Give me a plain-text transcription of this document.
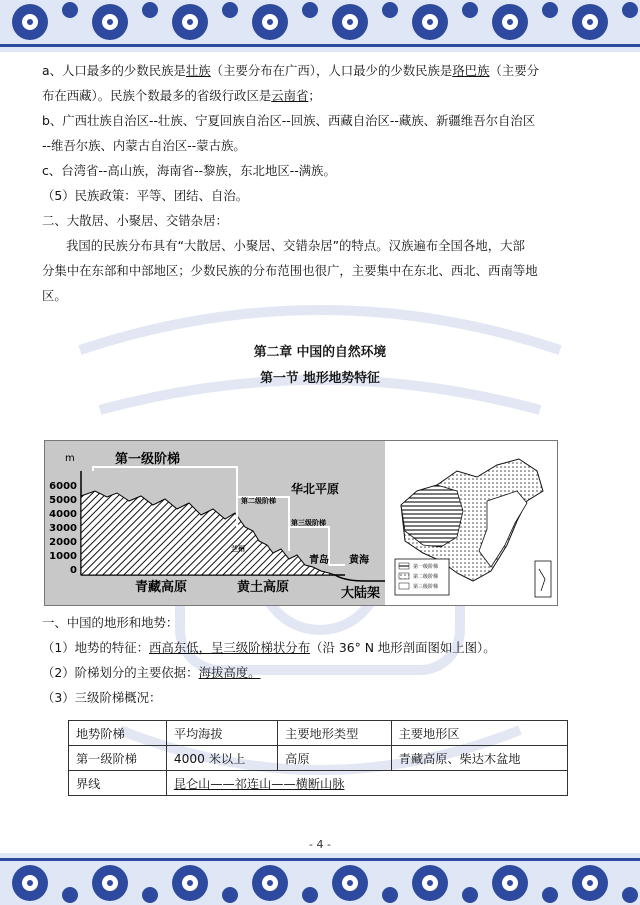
a、人口最多的少数民族是壮族（主要分布在广西），人口最少的少数民族是珞巴族（主要分

布在西藏）。民族个数最多的省级行政区是云南省；

b、广西壮族自治区--壮族、宁夏回族自治区--回族、西藏自治区--藏族、新疆维吾尔自治区

--维吾尔族、内蒙古自治区--蒙古族。

c、台湾省--高山族，海南省--黎族，东北地区--满族。

（5）民族政策：平等、团结、自治。

二、大散居、小聚居、交错杂居：

我国的民族分布具有“大散居、小聚居、交错杂居”的特点。汉族遍布全国各地，大部

分集中在东部和中部地区；少数民族的分布范围也很广，主要集中在东北、西北、西南等地

区。

第二章 中国的自然环境
第一节 地形地势特征
m
6000
5000
4000
3000
2000
1000
0
第一级阶梯
第二级阶梯
华北平原
第三级阶梯
兰州
青岛 黄海
青藏高原	黄土高原	大陆架
第一级阶梯
第二级阶梯
第三级阶梯

一、中国的地形和地势：

（1）地势的特征：西高东低，呈三级阶梯状分布（沿 36° N 地形剖面图如上图）。

（2）阶梯划分的主要依据：海拔高度。

（3）三级阶梯概况：

地势阶梯	平均海拔	主要地形类型	主要地形区
第一级阶梯	4000 米以上	高原	青藏高原、柴达木盆地
界线	昆仑山——祁连山——横断山脉		
- 4 -
